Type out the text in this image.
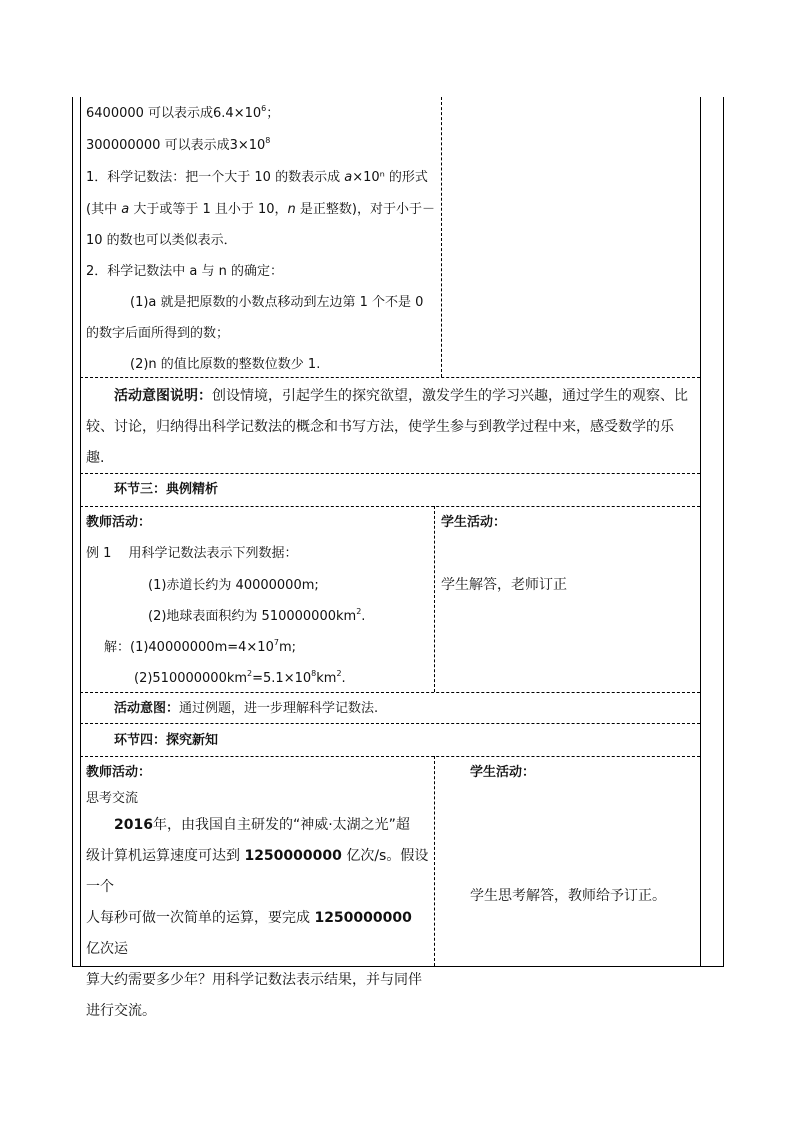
6400000 可以表示成$6.4\times 10^6$；
300000000 可以表示成$3\times 10^8$
1．科学记数法：把一个大于 10 的数表示成 a×10ⁿ 的形式
(其中 a 大于或等于 1 且小于 10，n 是正整数)，对于小于－
10 的数也可以类似表示．
2．科学记数法中 a 与 n 的确定：
(1)a 就是把原数的小数点移动到左边第 1 个不是 0
的数字后面所得到的数；
(2)n 的值比原数的整数位数少 1.
活动意图说明：创设情境，引起学生的探究欲望，激发学生的学习兴趣，通过学生的观察、比
较、讨论，归纳得出科学记数法的概念和书写方法，使学生参与到教学过程中来，感受数学的乐
趣.
环节三：典例精析
教师活动：	学生活动：
例 1　 用科学记数法表示下列数据：
(1)赤道长约为 40000000m;
(2)地球表面积约为 $510000000km^2$.
解：$(1)40000000m=4\times 10^7m$;
$(2)510000000km^2=5.1\times 10^8km^2$.
学生解答，老师订正
活动意图：通过例题，进一步理解科学记数法.
环节四：探究新知
教师活动：	学生活动：
思考交流
2016年，由我国自主研发的“神威·太湖之光”超
级计算机运算速度可达到 1250000000 亿次/s。假设一个
人每秒可做一次简单的运算，要完成 1250000000 亿次运
算大约需要多少年？用科学记数法表示结果，并与同伴
进行交流。
学生思考解答，教师给予订正。
